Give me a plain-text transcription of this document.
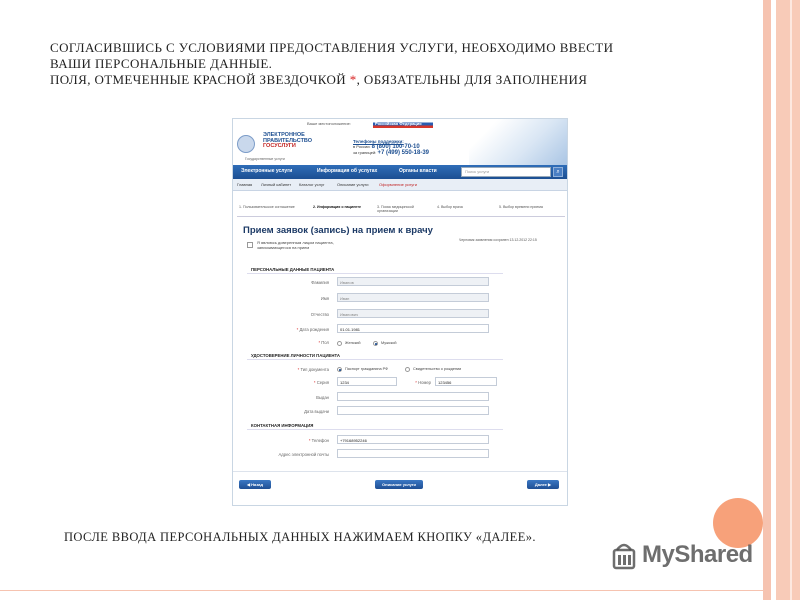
СОГЛАСИВШИСЬ С УСЛОВИЯМИ ПРЕДОСТАВЛЕНИЯ УСЛУГИ, НЕОБХОДИМО ВВЕСТИ
ВАШИ ПЕРСОНАЛЬНЫЕ ДАННЫЕ.
ПОЛЯ, ОТМЕЧЕННЫЕ КРАСНОЙ ЗВЕЗДОЧКОЙ *, ОБЯЗАТЕЛЬНЫ ДЛЯ ЗАПОЛНЕНИЯ
Ваше местоположение:	Российская Федерация
ЭЛЕКТРОННОЕ
ПРАВИТЕЛЬСТВО
ГОСУСЛУГИ
Государственные услуги
Телефоны поддержки:
в России: 8 (800) 100-70-10
за границей: +7 (499) 550-18-39
Электронные услуги	Информация об услугах	Органы власти	Поиск услуги	⌕
Главная Личный кабинет Каталог услуг	Описание услуги	Оформление услуги
1. Пользовательское соглашение	2. Информация о пациенте	3. Поиск медицинской организации
4. Выбор врача	5. Выбор времени приема
Прием заявок (запись) на прием к врачу
Черновик заявления сохранен 13.12.2012 22:15
Я являюсь доверенным лицом пациента, записывающегося на прием
ПЕРСОНАЛЬНЫЕ ДАННЫЕ ПАЦИЕНТА
Фамилия	Иванов
Имя	Иван
Отчество	Иванович
* Дата рождения	01.01.1981
* Пол	Женский	Мужской
УДОСТОВЕРЕНИЕ ЛИЧНОСТИ ПАЦИЕНТА
* Тип документа	Паспорт гражданина РФ	Свидетельство о рождении
* Серия	1234	* Номер	123456
Выдан
Дата выдачи
КОНТАКТНАЯ ИНФОРМАЦИЯ
* Телефон	+79168952246
Адрес электронной почты
◀ Назад	Описание услуги	Далее ▶
ПОСЛЕ ВВОДА ПЕРСОНАЛЬНЫХ ДАННЫХ НАЖИМАЕМ КНОПКУ «ДАЛЕЕ».
MyShared
